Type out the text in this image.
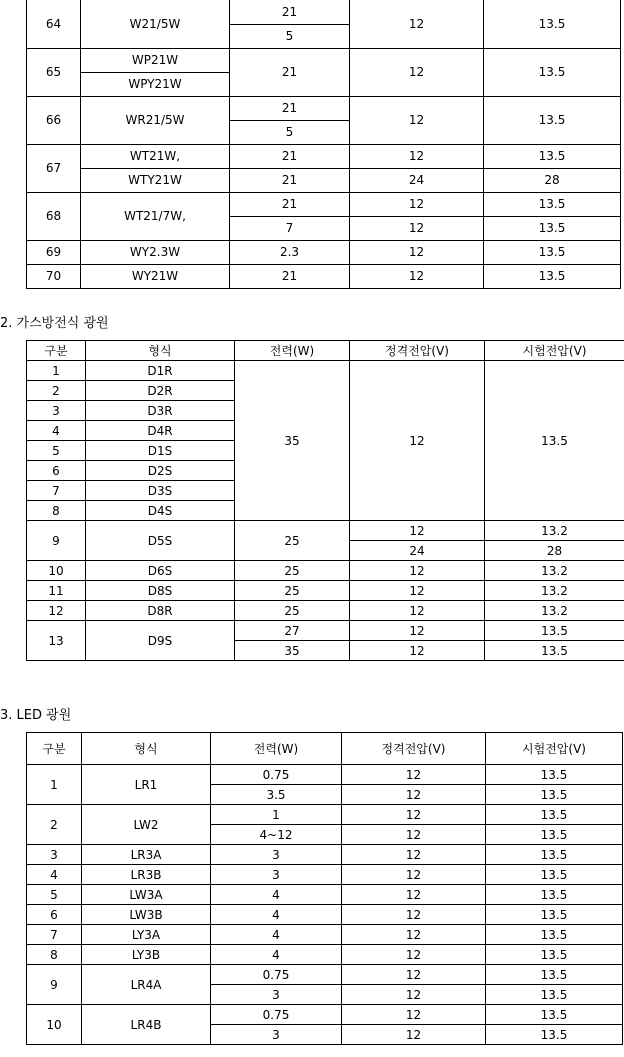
64	W21/5W	21	12	13.5
		5		
65	WP21W	21	12	13.5
	WPY21W			
66	WR21/5W	21	12	13.5
		5		
67	WT21W,	21	12	13.5
	WTY21W	21	24	28
68	WT21/7W,	21	12	13.5
		7	12	13.5
69	WY2.3W	2.3	12	13.5
70	WY21W	21	12	13.5
2. 가스방전식 광원
구분	형식	전력(W)	정격전압(V)	시험전압(V)
1	D1R	35	12	13.5
2	D2R			
3	D3R			
4	D4R			
5	D1S			
6	D2S			
7	D3S			
8	D4S			
9	D5S	25	12	13.2
			24	28
10	D6S	25	12	13.2
11	D8S	25	12	13.2
12	D8R	25	12	13.2
13	D9S	27	12	13.5
		35	12	13.5
3. LED 광원
구분	형식	전력(W)	정격전압(V)	시험전압(V)
1	LR1	0.75	12	13.5
		3.5	12	13.5
2	LW2	1	12	13.5
		4~12	12	13.5
3	LR3A	3	12	13.5
4	LR3B	3	12	13.5
5	LW3A	4	12	13.5
6	LW3B	4	12	13.5
7	LY3A	4	12	13.5
8	LY3B	4	12	13.5
9	LR4A	0.75	12	13.5
		3	12	13.5
10	LR4B	0.75	12	13.5
		3	12	13.5
